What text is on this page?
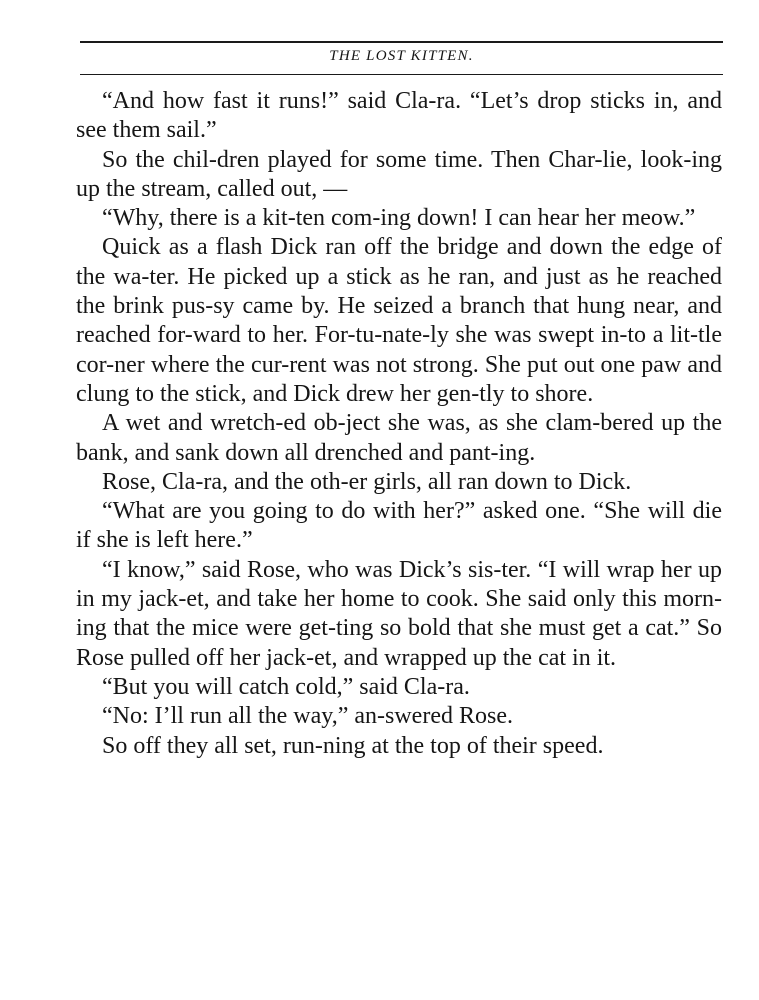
THE LOST KITTEN.

“And how fast it runs!” said Cla-ra. “Let’s drop sticks in, and see them sail.”

So the chil-dren played for some time. Then Char-lie, look-ing up the stream, called out, —

“Why, there is a kit-ten com-ing down! I can hear her meow.”

Quick as a flash Dick ran off the bridge and down the edge of the wa-ter. He picked up a stick as he ran, and just as he reached the brink pus-sy came by. He seized a branch that hung near, and reached for-ward to her. For-tu-nate-ly she was swept in-to a lit-tle cor-ner where the cur-rent was not strong. She put out one paw and clung to the stick, and Dick drew her gen-tly to shore.

A wet and wretch-ed ob-ject she was, as she clam-bered up the bank, and sank down all drenched and pant-ing.

Rose, Cla-ra, and the oth-er girls, all ran down to Dick.

“What are you going to do with her?” asked one. “She will die if she is left here.”

“I know,” said Rose, who was Dick’s sis-ter. “I will wrap her up in my jack-et, and take her home to cook. She said only this morn-ing that the mice were get-ting so bold that she must get a cat.” So Rose pulled off her jack-et, and wrapped up the cat in it.

“But you will catch cold,” said Cla-ra.

“No: I’ll run all the way,” an-swered Rose.

So off they all set, run-ning at the top of their speed.
